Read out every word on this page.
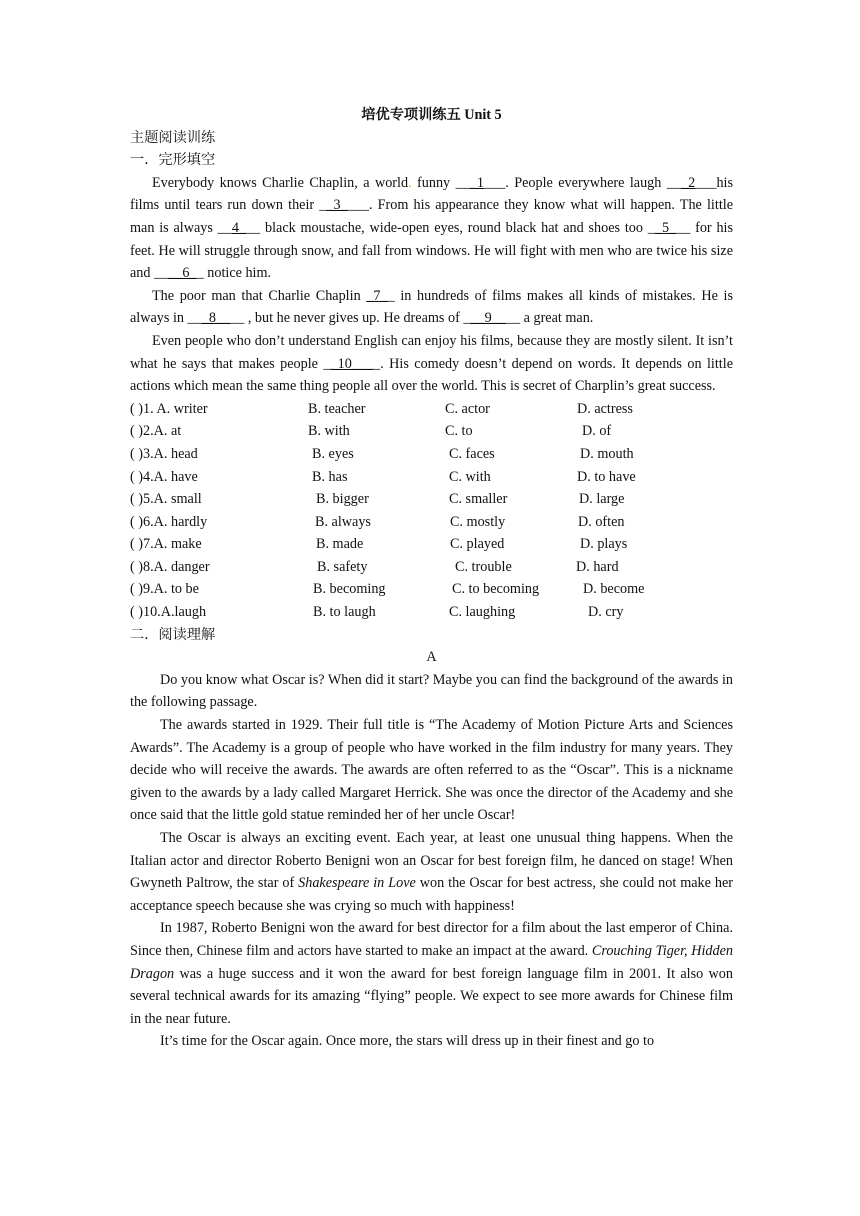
培优专项训练五 Unit 5

主题阅读训练

一．完形填空

Everybody knows Charlie Chaplin, a world. funny ___1___. People everywhere laugh ___2___his films until tears run down their __3____. From his appearance they know what will happen. The little man is always __4___ black moustache, wide-open eyes, round black hat and shoes too __5___ for his feet. He will struggle through snow, and fall from windows. He will fight with men who are twice his size and ____6__ notice him.

The poor man that Charlie Chaplin _7__ in hundreds of films makes all kinds of mistakes. He is always in ___8____ , but he never gives up. He dreams of ___9____ a great man.

Even people who don’t understand English can enjoy his films, because they are mostly silent. It isn’t what he says that makes people __10____. His comedy doesn’t depend on words. It depends on little actions which mean the same thing people all over the world. This is secret of Charplin’s great success.

( )1. A. writer	B. teacher	C. actor	D. actress
( )2.A. at	B. with	C. to	D. of
( )3.A. head	B. eyes	C. faces	D. mouth
( )4.A. have	B. has	C. with	D. to have
( )5.A. small	B. bigger	C. smaller	D. large
( )6.A. hardly	B. always	C. mostly	D. often
( )7.A. make	B. made	C. played	D. plays
( )8.A. danger	B. safety	C. trouble	D. hard
( )9.A. to be	B. becoming	C. to becoming	D. become
( )10.A.laugh	B. to laugh	C. laughing	D. cry

二．阅读理解

A

Do you know what Oscar is? When did it start? Maybe you can find the background of the awards in the following passage.

The awards started in 1929. Their full title is “The Academy of Motion Picture Arts and Sciences Awards”. The Academy is a group of people who have worked in the film industry for many years. They decide who will receive the awards. The awards are often referred to as the “Oscar”. This is a nickname given to the awards by a lady called Margaret Herrick. She was once the director of the Academy and she once said that the little gold statue reminded her of her uncle Oscar!

The Oscar is always an exciting event. Each year, at least one unusual thing happens. When the Italian actor and director Roberto Benigni won an Oscar for best foreign film, he danced on stage! When Gwyneth Paltrow, the star of Shakespeare in Love won the Oscar for best actress, she could not make her acceptance speech because she was crying so much with happiness!

In 1987, Roberto Benigni won the award for best director for a film about the last emperor of China. Since then, Chinese film and actors have started to make an impact at the award. Crouching Tiger, Hidden Dragon was a huge success and it won the award for best foreign language film in 2001. It also won several technical awards for its amazing “flying” people. We expect to see more awards for Chinese film in the near future.

It’s time for the Oscar again. Once more, the stars will dress up in their finest and go to
